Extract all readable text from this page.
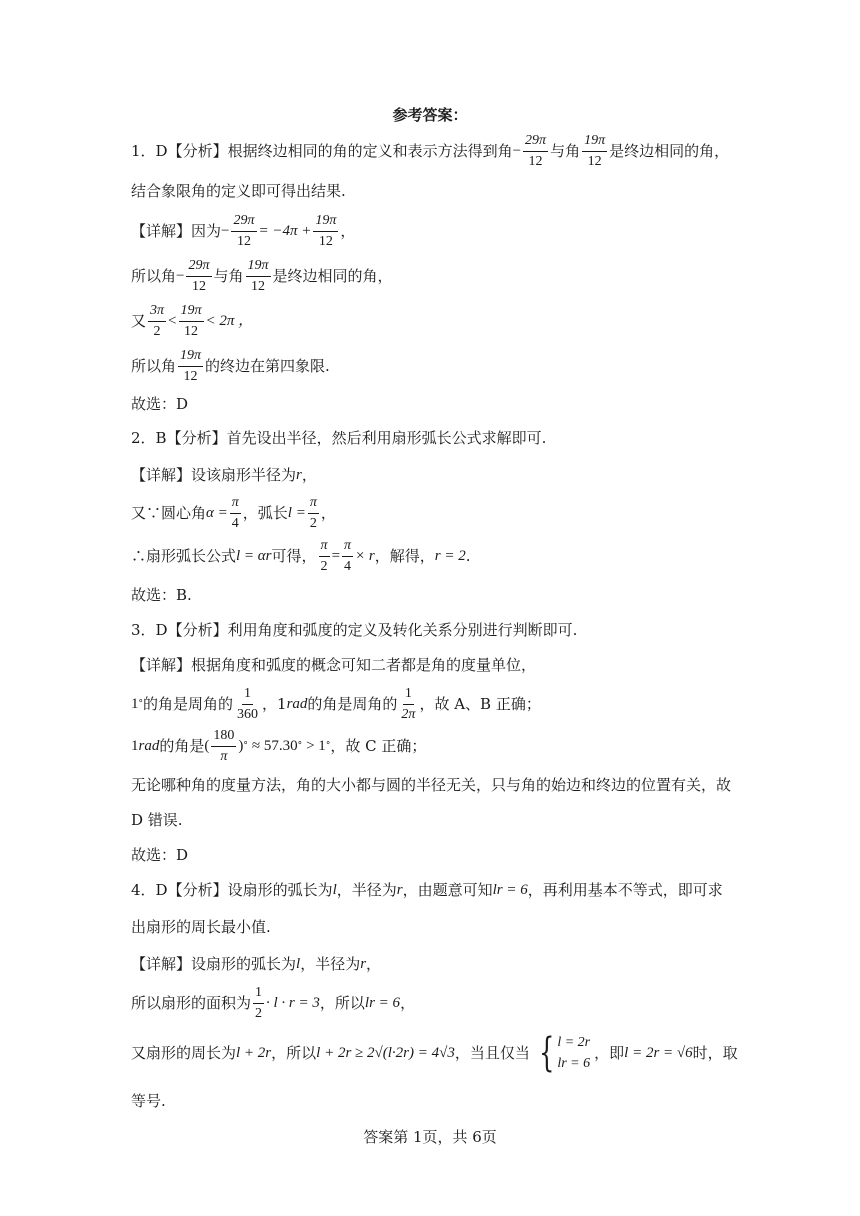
参考答案：
1．D【分析】根据终边相同的角的定义和表示方法得到角 − $\frac{29\pi}{12}$ 与角 $\frac{19\pi}{12}$ 是终边相同的角，
结合象限角的定义即可得出结果.
【详解】因为 − $\frac{29\pi}{12} = -4\pi + \frac{19\pi}{12}$ ，
所以角 − $\frac{29\pi}{12}$ 与角 $\frac{19\pi}{12}$ 是终边相同的角，
又 $\frac{3\pi}{2} < \frac{19\pi}{12} < 2\pi$ ，
所以角 $\frac{19\pi}{12}$ 的终边在第四象限.
故选：D
2．B【分析】首先设出半径，然后利用扇形弧长公式求解即可.
【详解】设该扇形半径为 r ，
又∵圆心角 $\alpha = \frac{\pi}{4}$ ，弧长 $l = \frac{\pi}{2}$ ，
∴扇形弧长公式 l = αr 可得， $\frac{\pi}{2} = \frac{\pi}{4} \times r$ ，解得， r = 2 .
故选：B.
3．D【分析】利用角度和弧度的定义及转化关系分别进行判断即可.
【详解】根据角度和弧度的概念可知二者都是角的度量单位，
1 ° 的角是周角的 $\frac{1}{360}$ ，1 rad 的角是周角的 $\frac{1}{2\pi}$ ，故 A、B 正确；
1 rad 的角是 ( $\frac{180}{\pi}$ ) ° ≈ 57.30 ° > 1 ° ，故 C 正确；
无论哪种角的度量方法，角的大小都与圆的半径无关，只与角的始边和终边的位置有关，故
D 错误.
故选：D
4．D【分析】设扇形的弧长为 l ，半径为 r ，由题意可知 lr = 6 ，再利用基本不等式，即可求
出扇形的周长最小值.
【详解】设扇形的弧长为 l ，半径为 r ，
所以扇形的面积为 $\frac{1}{2} \cdot l \cdot r = 3$ ，所以 lr = 6 ，
又扇形的周长为 l + 2r ，所以 l + 2r ≥ 2√(l·2r) = 4√3 ，当且仅当 { l = 2r
lr = 6
，即 l = 2r = √6 时，取
等号.
答案第 1页，共 6页
